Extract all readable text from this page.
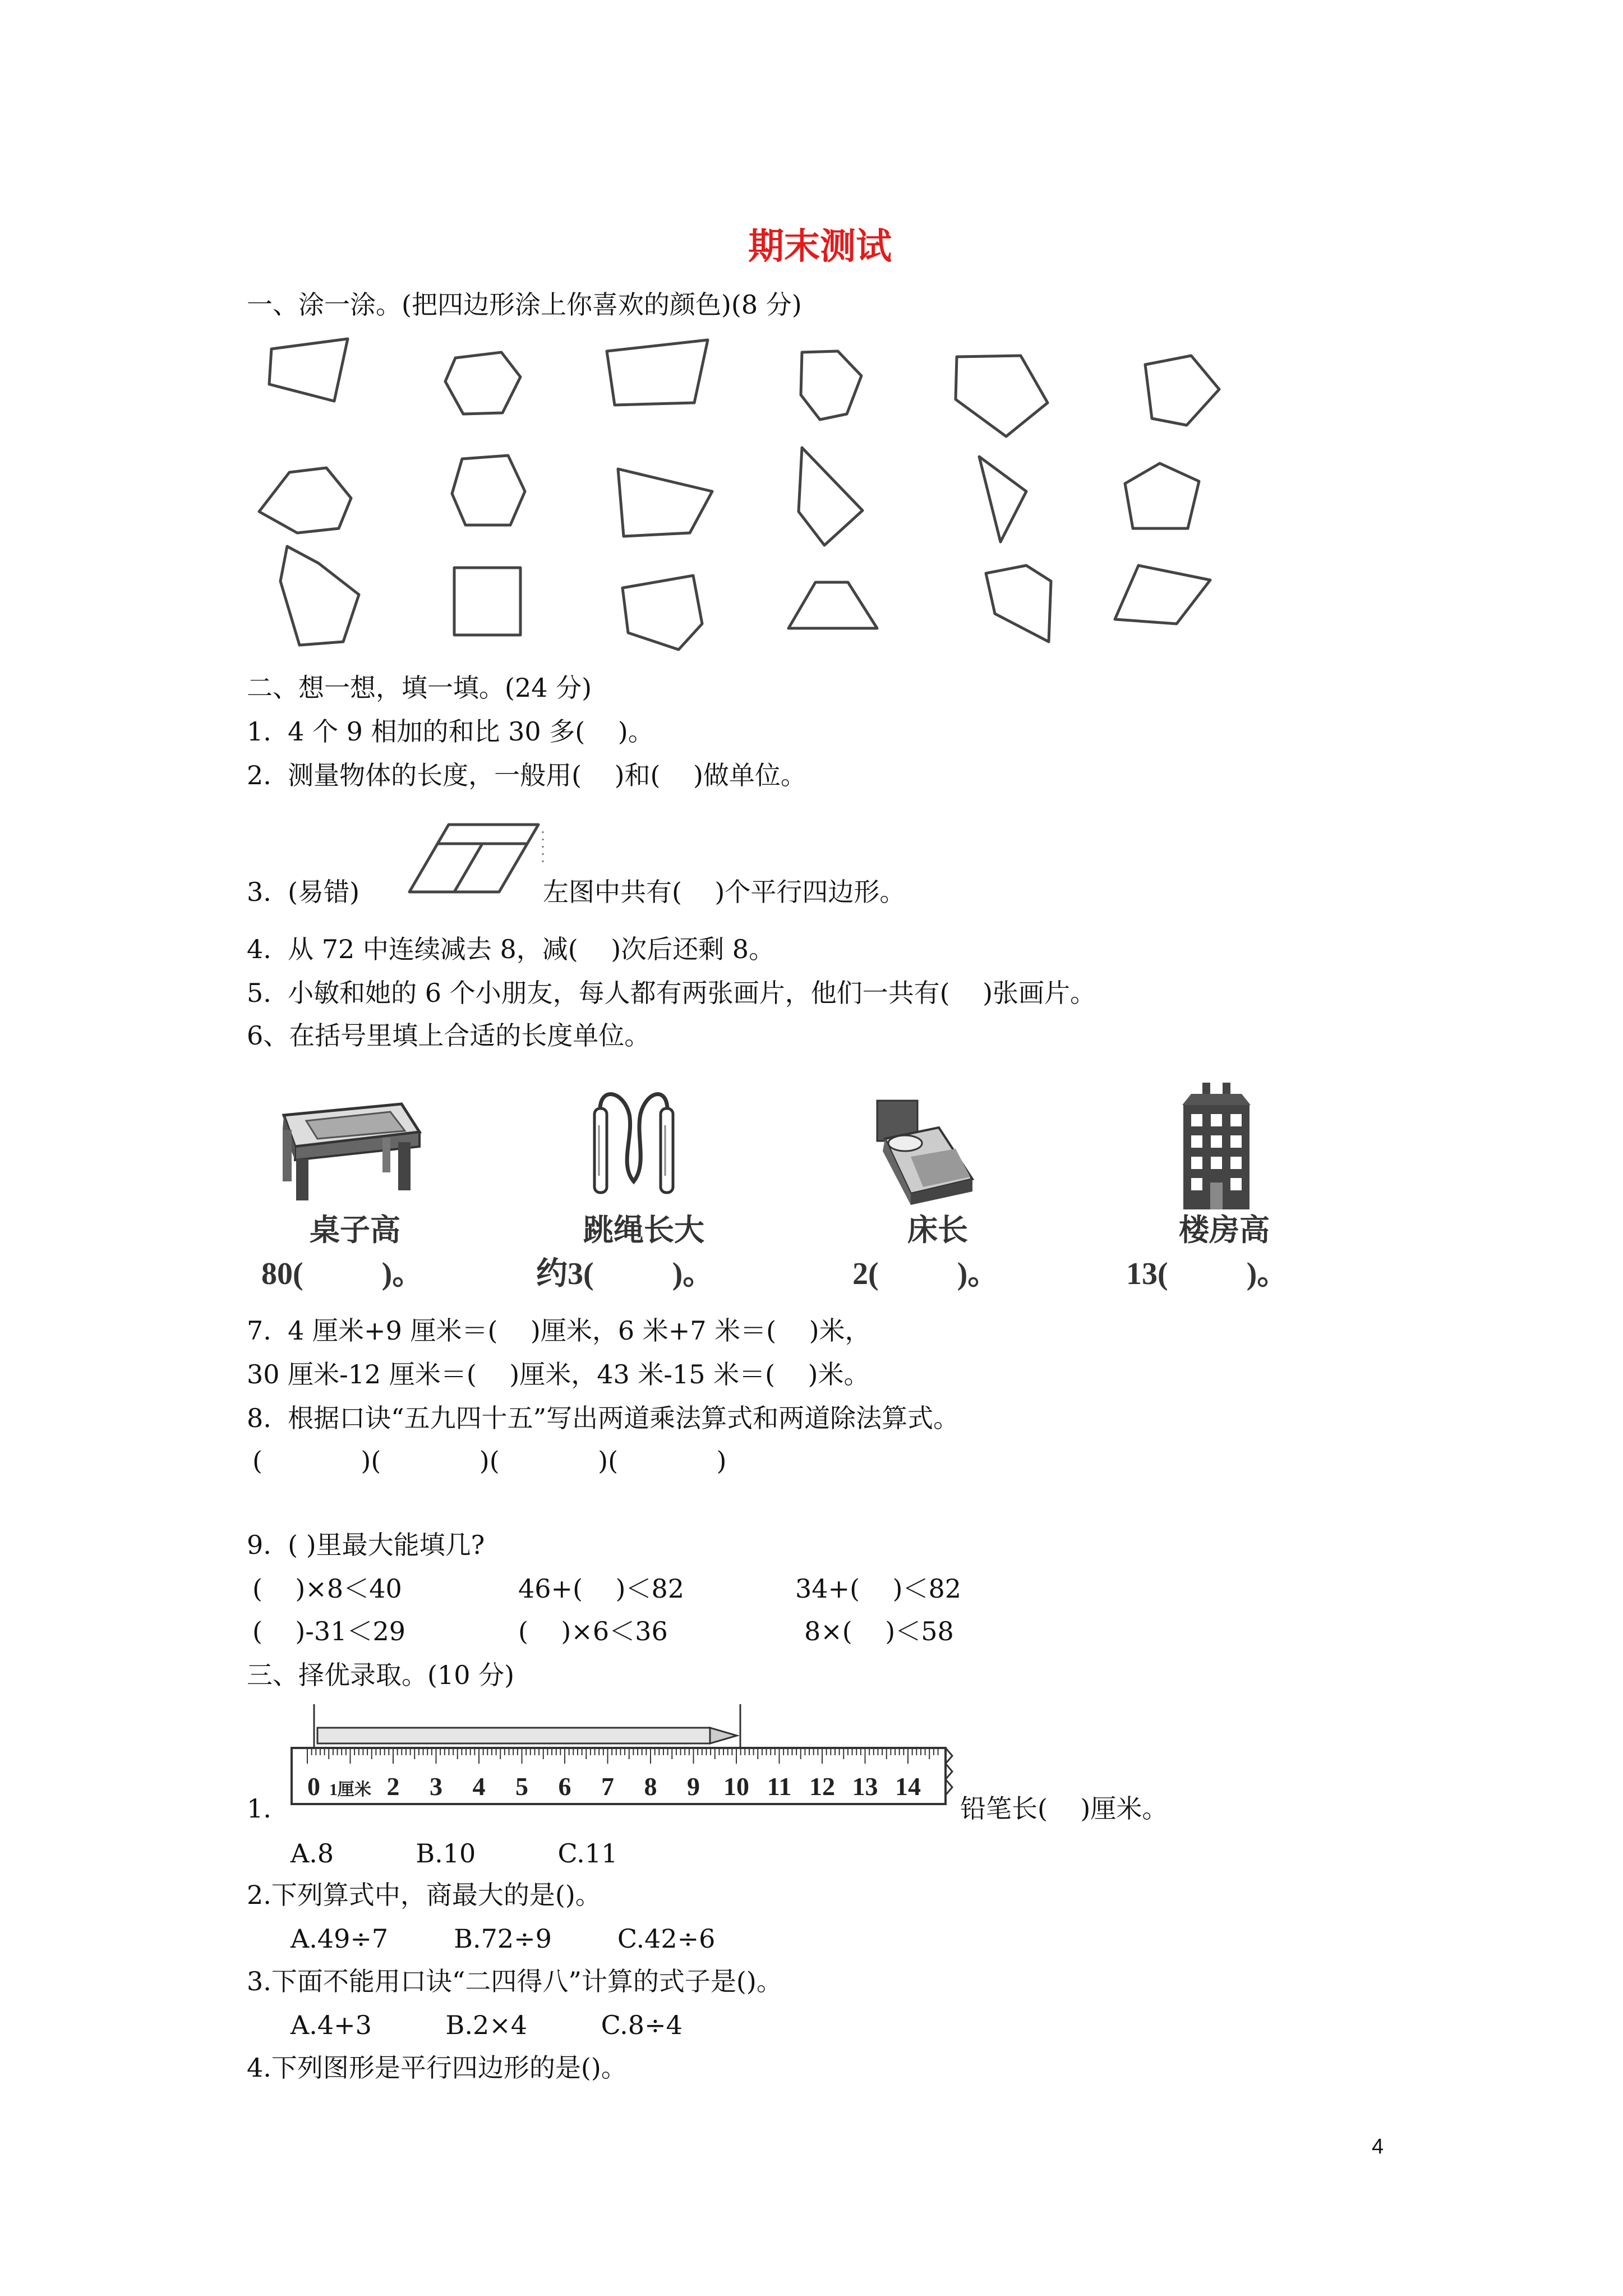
期末测试
一、涂一涂。(把四边形涂上你喜欢的颜色)(8 分)
二、想一想，填一填。(24 分)
1.  4 个 9 相加的和比 30 多(    )。
2.  测量物体的长度，一般用(    )和(    )做单位。
3.  (易错)	左图中共有(    )个平行四边形。
4.  从 72 中连续减去 8，减(    )次后还剩 8。
5.  小敏和她的 6 个小朋友，每人都有两张画片，他们一共有(    )张画片。
6、在括号里填上合适的长度单位。
桌子高	跳绳长大	床长	楼房高
80(          )。	约3(          )。	2(          )。	13(          )。
7.  4 厘米+9 厘米＝(    )厘米，6 米+7 米＝(    )米，
30 厘米-12 厘米＝(    )厘米，43 米-15 米＝(    )米。
8.  根据口诀“五九四十五”写出两道乘法算式和两道除法算式。
(            )(            )(            )(            )
9.  ( )里最大能填几?
(    )×8＜40	46+(    )＜82	34+(    )＜82
(    )-31＜29	(    )×6＜36	8×(    )＜58
三、择优录取。(10 分)
0 1厘米 2 3 4 5 6 7 8 9 10 11 12 13 14
1.	铅笔长(    )厘米。
A.8          B.10          C.11
2.下列算式中，商最大的是()。
A.49÷7        B.72÷9        C.42÷6
3.下面不能用口诀“二四得八”计算的式子是()。
A.4+3         B.2×4         C.8÷4
4.下列图形是平行四边形的是()。
4
